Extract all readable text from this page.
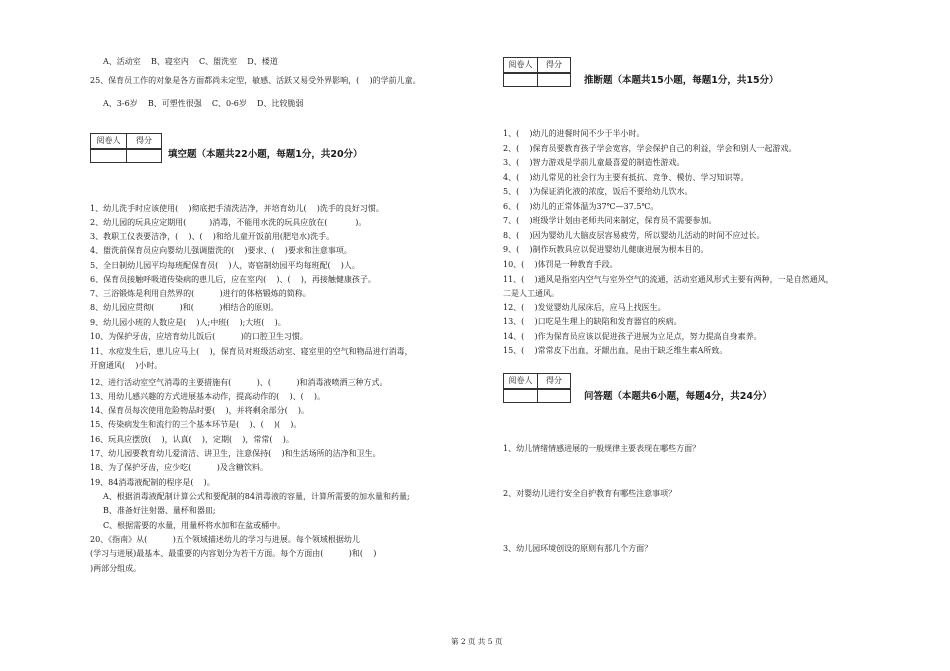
A、活动室    B、寝室内    C、盥洗室    D、楼道
25、保育员工作的对象是各方面都尚未定型，敏感、活跃又易受外界影响，(    )的学前儿童。
A、3-6岁    B、可塑性很强    C、0-6岁    D、比较脆弱
阅卷人	得分
填空题（本题共22小题，每题1分，共20分）
1、幼儿洗手时应该使用(    )彻底把手清洗洁净，并培育幼儿(    )洗手的良好习惯。
2、幼儿园的玩具应定期用(         )消毒，不能用水洗的玩具应放在(           )。
3、教职工仪表要洁净，(    )、(    )和给儿童开饭前用(肥皂水)洗手。
4、盥洗前保育员应向婴幼儿强调盥洗的(    )要求、(    )要求和注意事项。
5、全日制幼儿园平均每班配保育员(    )人，寄宿制幼园平均每班配(    )人。
6、保育员接触呼吸道传染病的患儿后，应在室内(    )、(    )，再接触健康孩子。
7、三浴锻炼是利用自然界的(          )进行的体格锻炼的简称。
8、幼儿园应贯彻(          )和(          )相结合的原则。
9、幼儿园小班的人数应是(    )人;中班(    );大班(    )。
10、为保护牙齿，应培育幼儿饭后(          )的口腔卫生习惯。
11、水痘发生后，患儿应马上(    )，保育员对班级活动室、寝室里的空气和物品进行消毒，
开窗通风(    )小时。
12、进行活动室空气消毒的主要措施有(          )、(          )和消毒液喷洒三种方式。
13、用幼儿感兴趣的方式进展基本动作，提高动作的(    )、(    )。
14、保育员每次使用危险物品时要(    )，并将剩余部分(    )。
15、传染病发生和流行的三个基本环节是(    )、(    )(    )。
16、玩具应摆放(    )，认真(    )，定期(    )，常常(    )。
17、幼儿园要教育幼儿爱清洁、讲卫生，注意保持(    )和生活场所的洁净和卫生。
18、为了保护牙齿，应少吃(          )及含糖饮料。
19、84消毒液配制的程序是(    )。
A、根据消毒液配制计算公式和要配制的84消毒液的容量，计算所需要的加水量和药量;
B、准备好注射器、量杯和器皿;
C、根据需要的水量，用量杯将水加和在盆或桶中。
20、《指南》从(          )五个领域描述幼儿的学习与进展。每个领域根据幼儿
(学习与进展)最基本、最重要的内容划分为若干方面。每个方面由(          )和(    )
)两部分组成。
阅卷人	得分
推断题（本题共15小题，每题1分，共15分）
1、(    )幼儿的进餐时间不少于半小时。
2、(    )保育员要教育孩子学会宽容，学会保护自己的利益，学会和别人一起游戏。
3、(    )智力游戏是学前儿童最喜爱的制造性游戏。
4、(    )幼儿常见的社会行为主要有抵抗、竞争、模仿、学习知识等。
5、(    )为保证消化液的浓度，饭后不要给幼儿饮水。
6、(    )幼儿的正常体温为37℃—37.5℃。
7、(    )班级学计划由老师共同来制定，保育员不需要参加。
8、(    )因为婴幼儿大脑皮层容易疲劳，所以婴幼儿活动的时间不应过长。
9、(    )制作玩教具应以促进婴幼儿健康进展为根本目的。
10、(    )体罚是一种教育手段。
11、(    )通风是指室内空气与室外空气的流通，活动室通风形式主要有两种，一是自然通风，
二是人工通风。
12、(    )发觉婴幼儿尿床后，应马上找医生。
13、(    )口吃是生理上的缺陷和发育器官的疾病。
14、(    )作为保育员应该以促进孩子进展为立足点，努力提高自身素养。
15、(    )常常皮下出血，牙龈出血，是由于缺乏维生素A所致。
阅卷人	得分
问答题（本题共6小题，每题4分，共24分）
1、幼儿情绪情感进展的一般规律主要表现在哪些方面？
2、对婴幼儿进行安全自护教育有哪些注意事项？
3、幼儿园环境创设的原则有那几个方面？
第 2 页 共 5 页
